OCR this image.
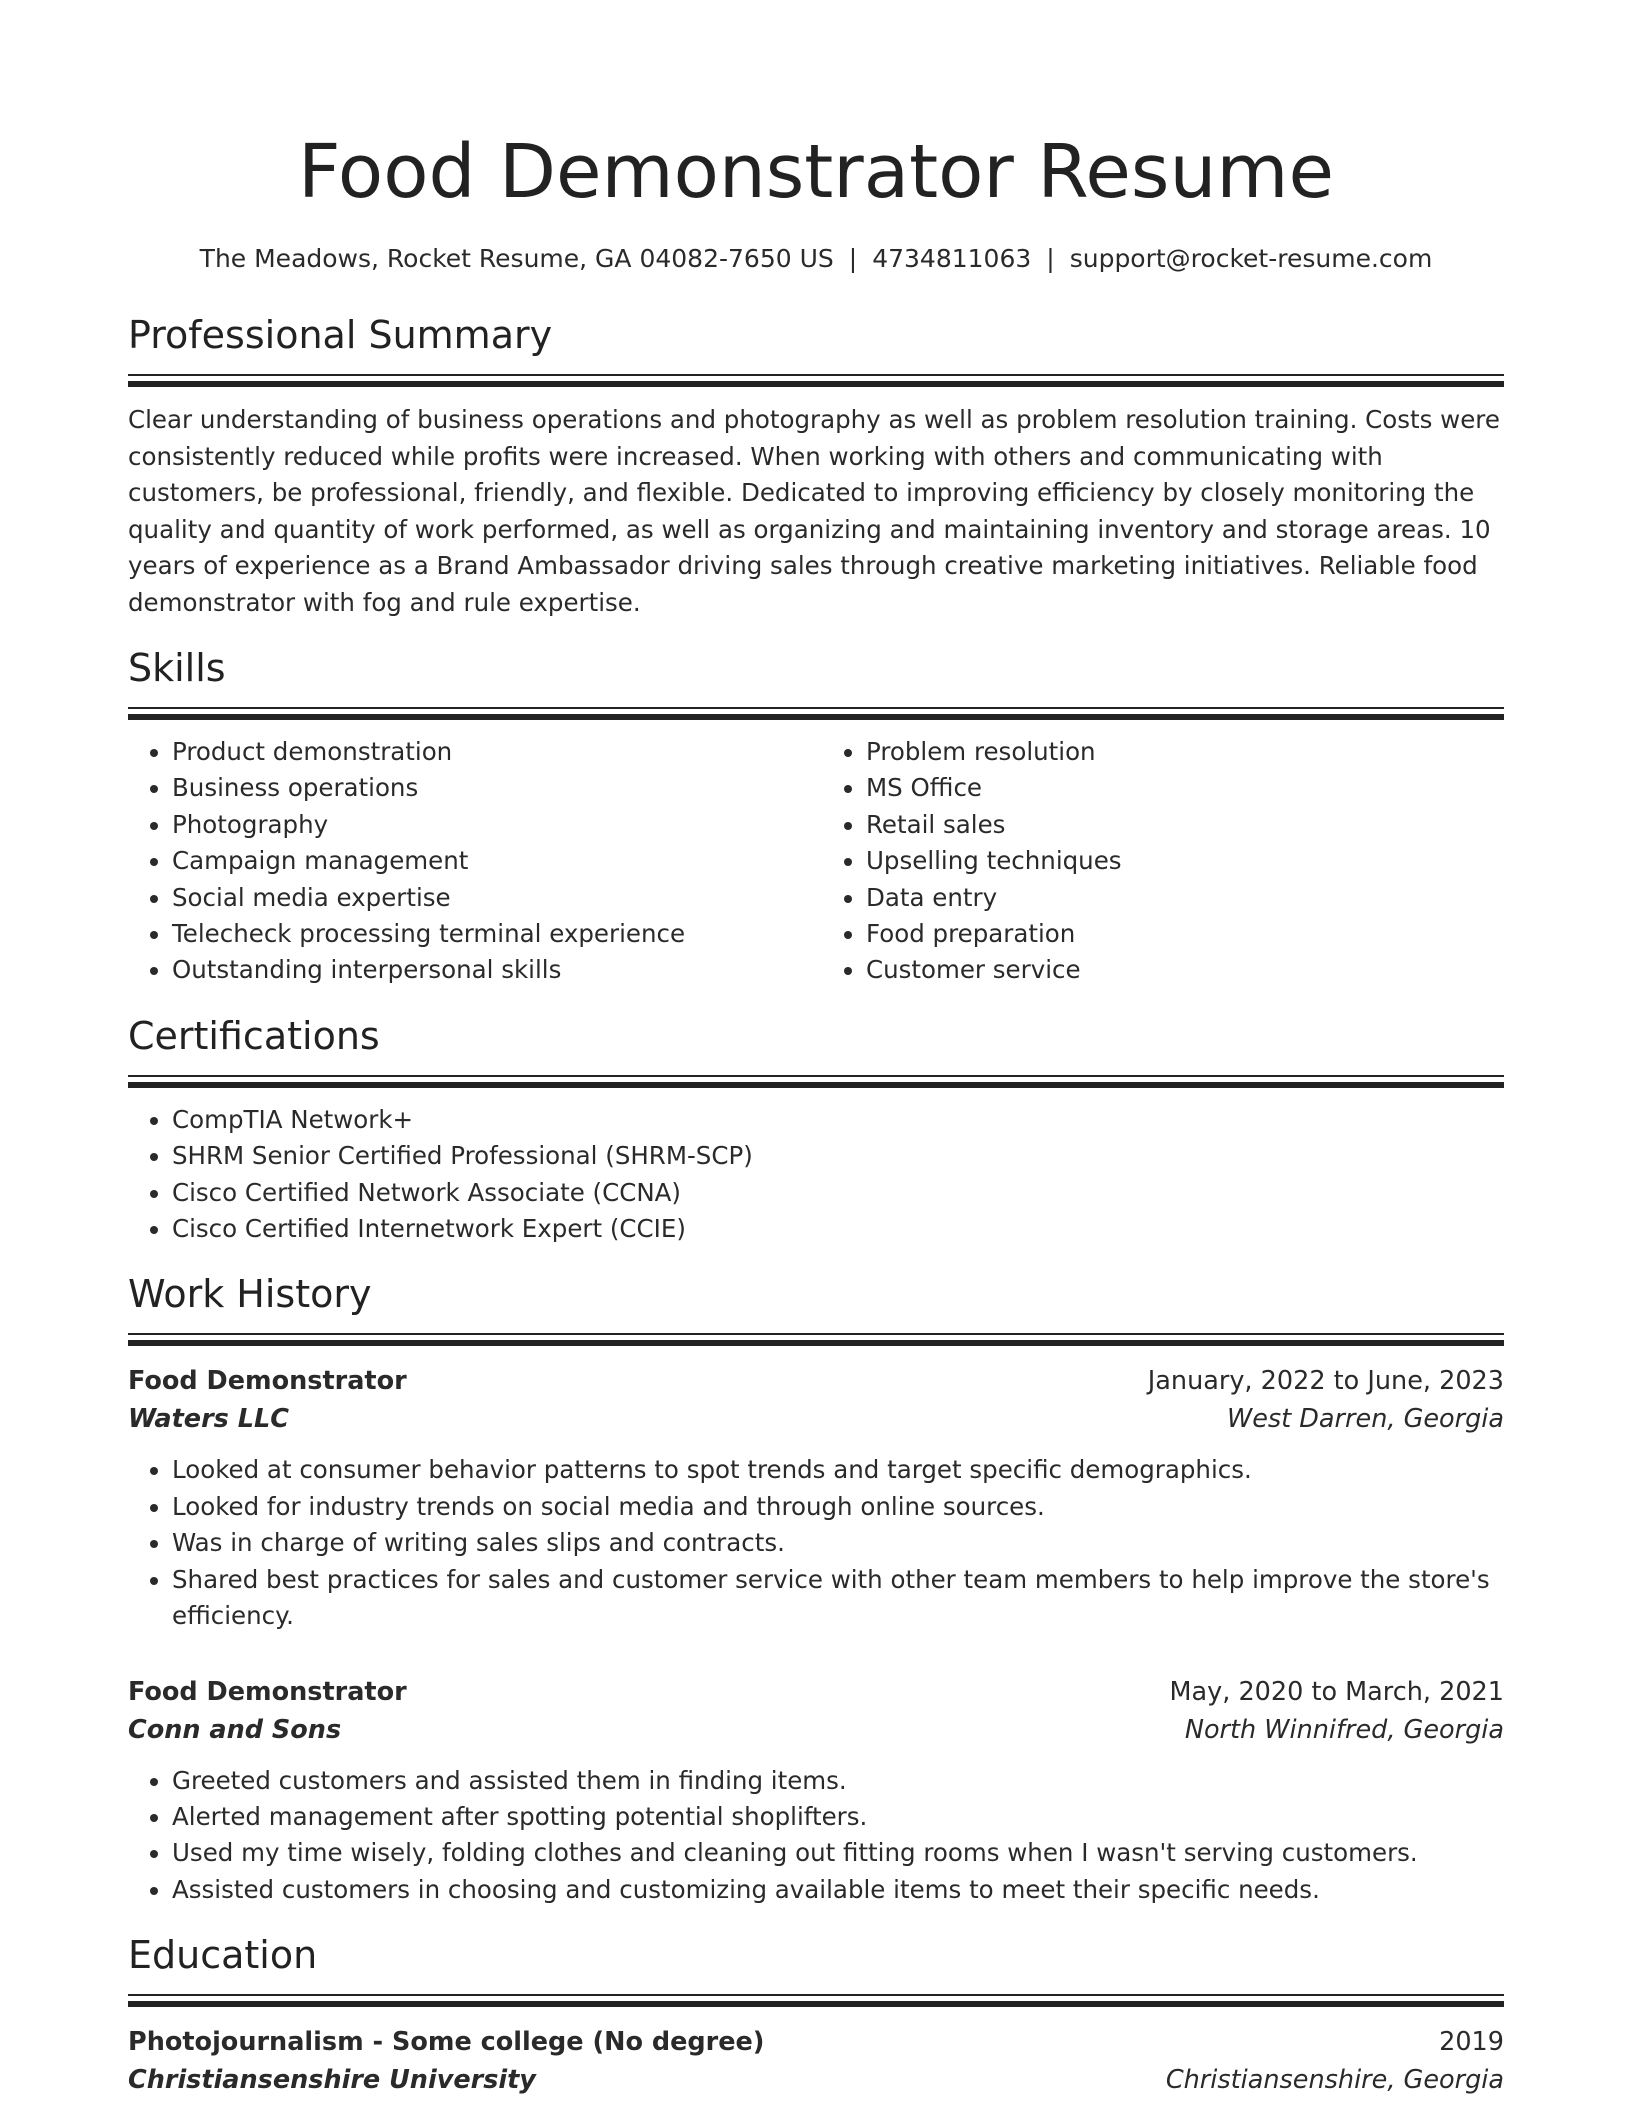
Food Demonstrator Resume
The Meadows, Rocket Resume, GA 04082-7650 US | 4734811063 | support@rocket-resume.com
Professional Summary
Clear understanding of business operations and photography as well as problem resolution training. Costs were consistently reduced while profits were increased. When working with others and communicating with customers, be professional, friendly, and flexible. Dedicated to improving efficiency by closely monitoring the quality and quantity of work performed, as well as organizing and maintaining inventory and storage areas. 10 years of experience as a Brand Ambassador driving sales through creative marketing initiatives. Reliable food demonstrator with fog and rule expertise.
Skills
• Product demonstration
• Business operations
• Photography
• Campaign management
• Social media expertise
• Telecheck processing terminal experience
• Outstanding interpersonal skills
• Problem resolution
• MS Office
• Retail sales
• Upselling techniques
• Data entry
• Food preparation
• Customer service
Certifications
• CompTIA Network+
• SHRM Senior Certified Professional (SHRM-SCP)
• Cisco Certified Network Associate (CCNA)
• Cisco Certified Internetwork Expert (CCIE)
Work History
Food Demonstrator	January, 2022 to June, 2023
Waters LLC	West Darren, Georgia
• Looked at consumer behavior patterns to spot trends and target specific demographics.
• Looked for industry trends on social media and through online sources.
• Was in charge of writing sales slips and contracts.
• Shared best practices for sales and customer service with other team members to help improve the store's efficiency.
Food Demonstrator	May, 2020 to March, 2021
Conn and Sons	North Winnifred, Georgia
• Greeted customers and assisted them in finding items.
• Alerted management after spotting potential shoplifters.
• Used my time wisely, folding clothes and cleaning out fitting rooms when I wasn't serving customers.
• Assisted customers in choosing and customizing available items to meet their specific needs.
Education
Photojournalism - Some college (No degree)	2019
Christiansenshire University	Christiansenshire, Georgia
